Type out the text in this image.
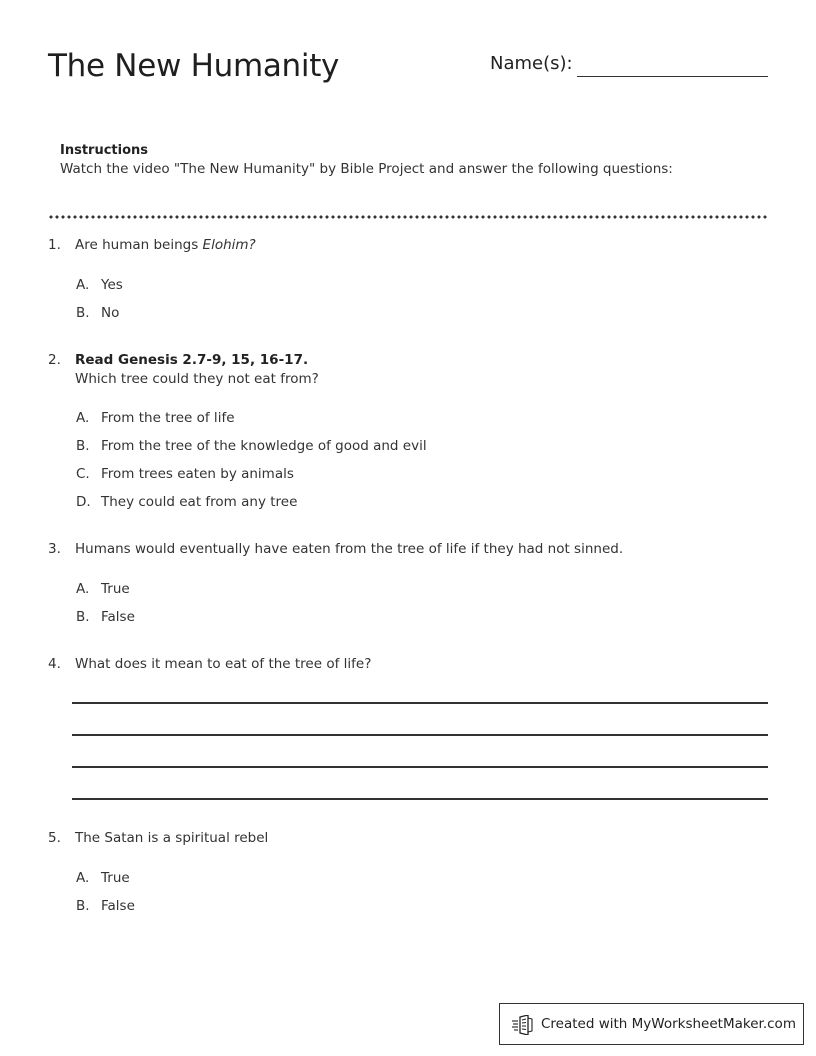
The New Humanity	Name(s):
Instructions
Watch the video "The New Humanity" by Bible Project and answer the following questions:
1. Are human beings Elohim?
A. Yes
B. No
2. Read Genesis 2.7-9, 15, 16-17.
Which tree could they not eat from?
A. From the tree of life
B. From the tree of the knowledge of good and evil
C. From trees eaten by animals
D. They could eat from any tree
3. Humans would eventually have eaten from the tree of life if they had not sinned.
A. True
B. False
4. What does it mean to eat of the tree of life?
5. The Satan is a spiritual rebel
A. True
B. False
Created with MyWorksheetMaker.com
